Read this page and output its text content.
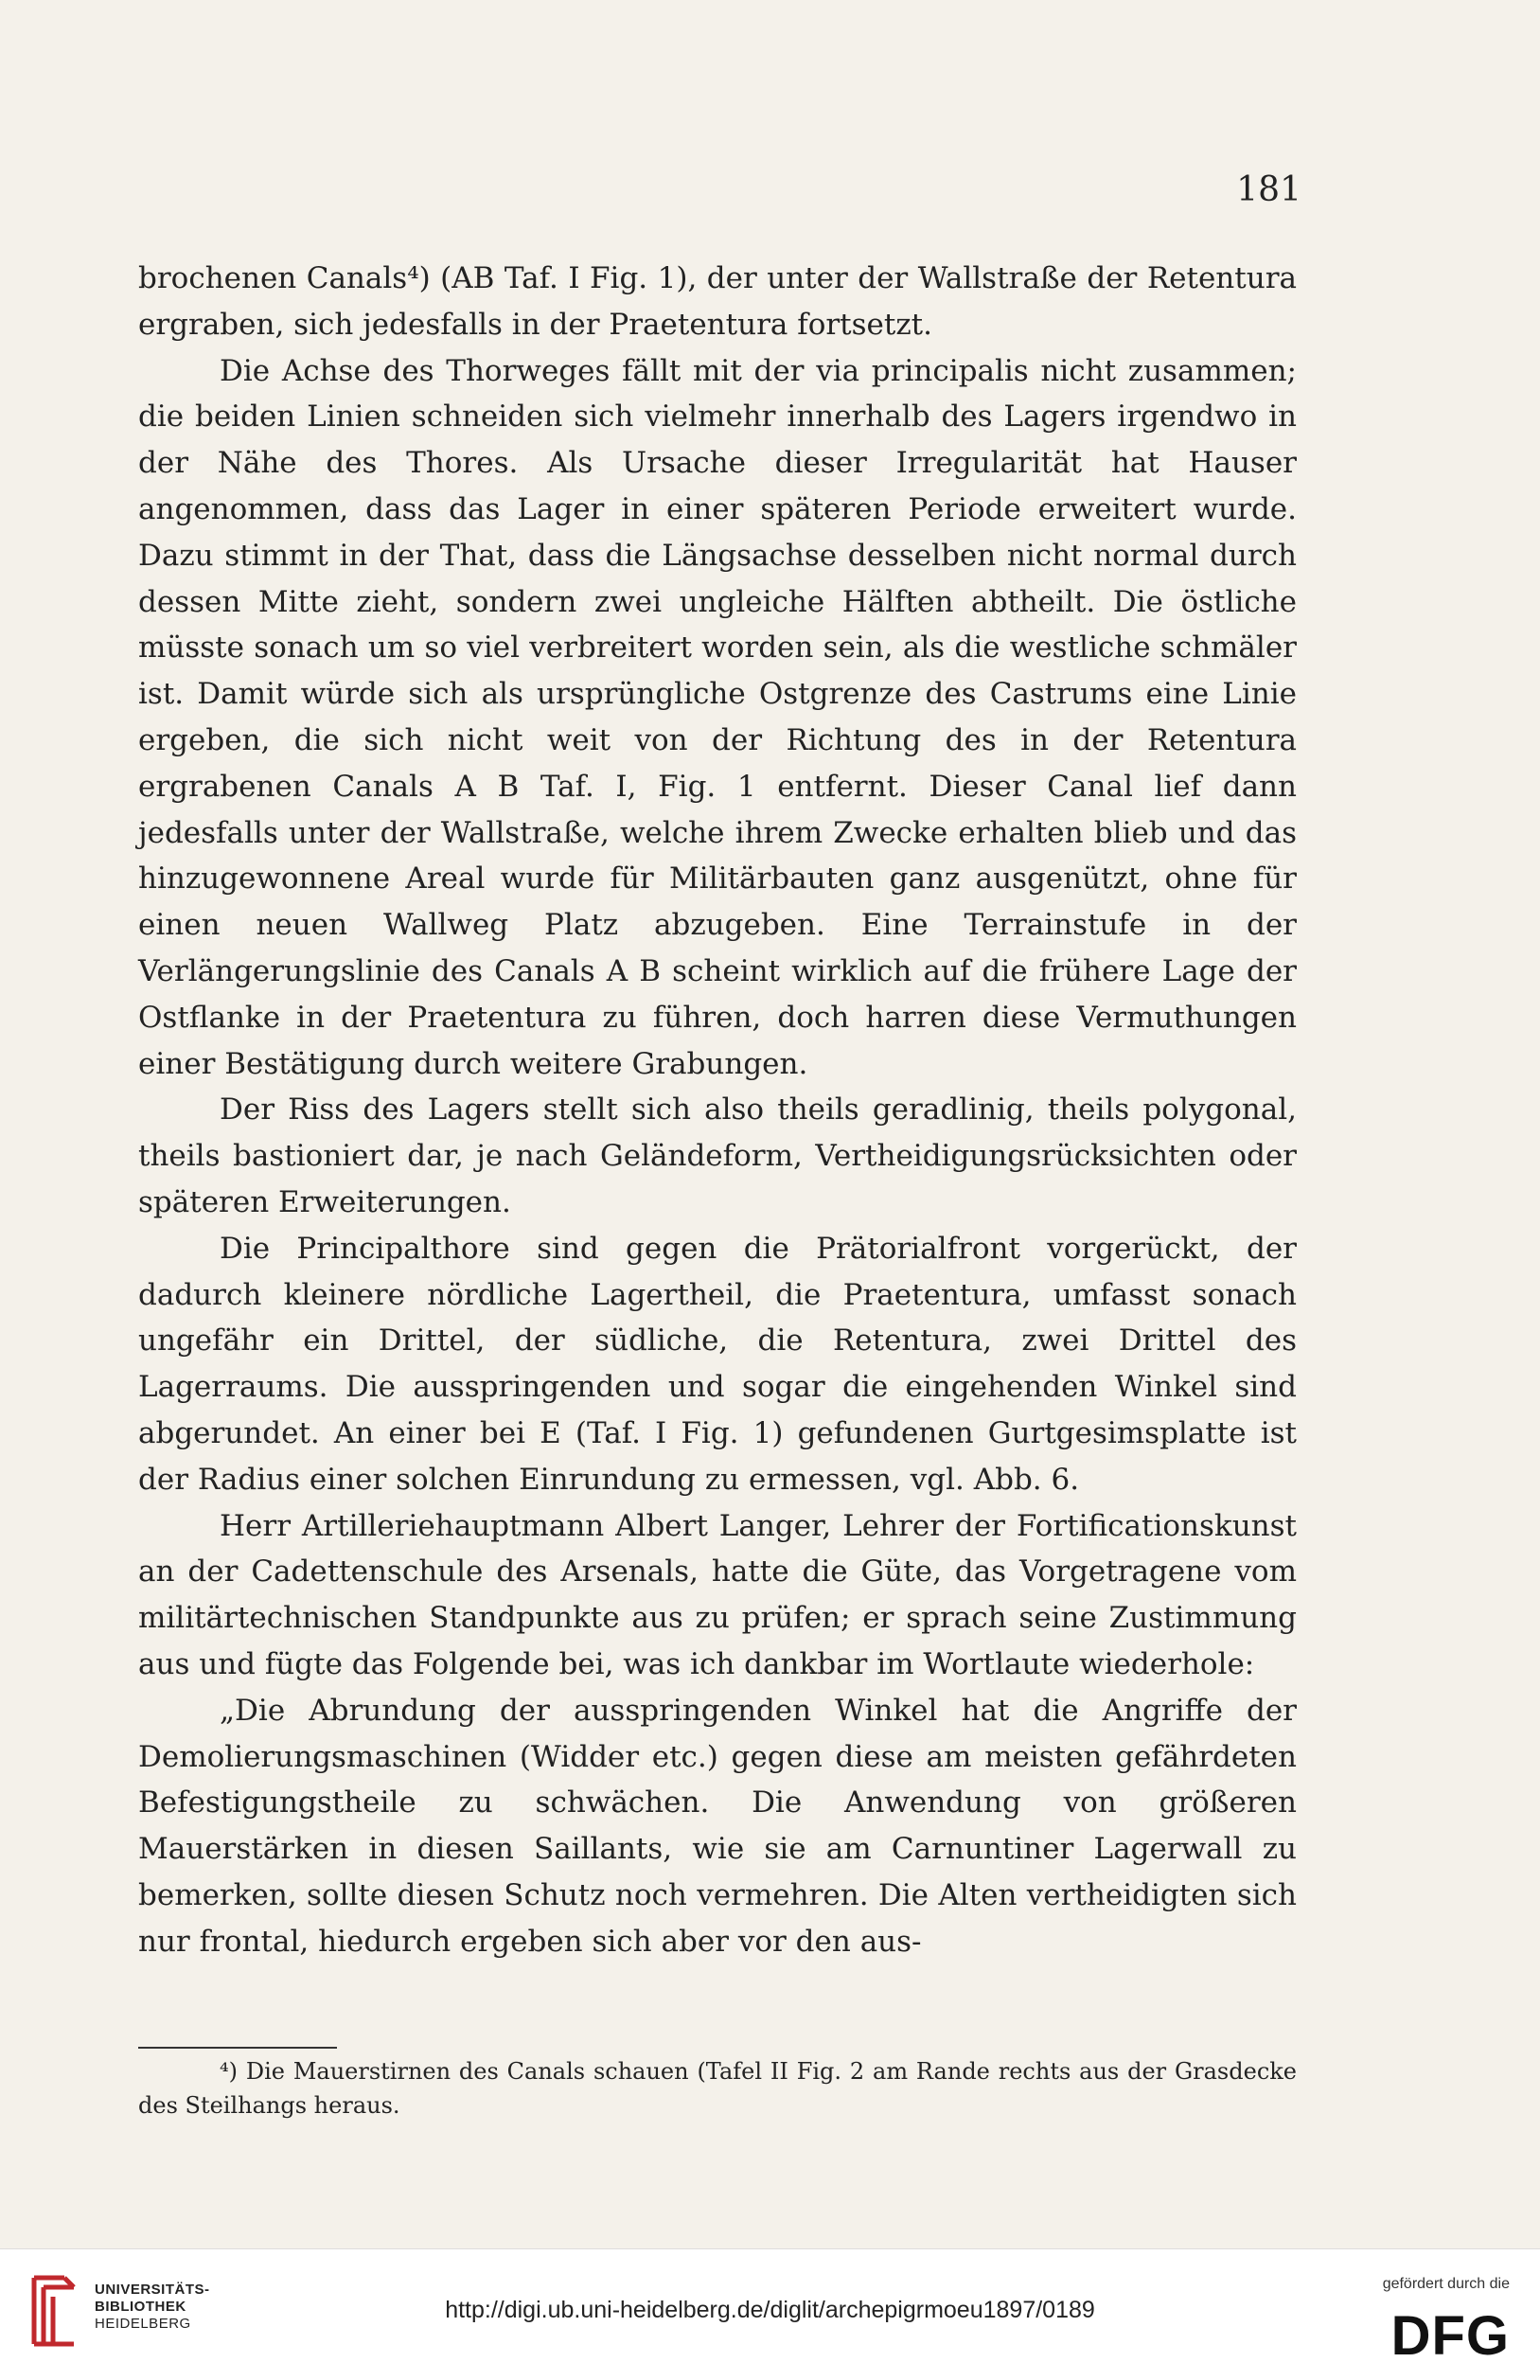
181

brochenen Canals⁴) (AB Taf. I Fig. 1), der unter der Wallstraße der Retentura ergraben, sich jedesfalls in der Praetentura fortsetzt.

Die Achse des Thorweges fällt mit der via principalis nicht zusammen; die beiden Linien schneiden sich vielmehr innerhalb des Lagers irgendwo in der Nähe des Thores. Als Ursache dieser Irregularität hat Hauser angenommen, dass das Lager in einer späteren Periode erweitert wurde. Dazu stimmt in der That, dass die Längsachse desselben nicht normal durch dessen Mitte zieht, sondern zwei ungleiche Hälften abtheilt. Die östliche müsste sonach um so viel verbreitert worden sein, als die westliche schmäler ist. Damit würde sich als ursprüngliche Ostgrenze des Castrums eine Linie ergeben, die sich nicht weit von der Richtung des in der Retentura ergrabenen Canals A B Taf. I, Fig. 1 entfernt. Dieser Canal lief dann jedesfalls unter der Wallstraße, welche ihrem Zwecke erhalten blieb und das hinzugewonnene Areal wurde für Militärbauten ganz ausgenützt, ohne für einen neuen Wallweg Platz abzugeben. Eine Terrainstufe in der Verlängerungslinie des Canals A B scheint wirklich auf die frühere Lage der Ostflanke in der Praetentura zu führen, doch harren diese Vermuthungen einer Bestätigung durch weitere Grabungen.

Der Riss des Lagers stellt sich also theils geradlinig, theils polygonal, theils bastioniert dar, je nach Geländeform, Vertheidigungsrücksichten oder späteren Erweiterungen.

Die Principalthore sind gegen die Prätorialfront vorgerückt, der dadurch kleinere nördliche Lagertheil, die Praetentura, umfasst sonach ungefähr ein Drittel, der südliche, die Retentura, zwei Drittel des Lagerraums. Die ausspringenden und sogar die eingehenden Winkel sind abgerundet. An einer bei E (Taf. I Fig. 1) gefundenen Gurtgesimsplatte ist der Radius einer solchen Einrundung zu ermessen, vgl. Abb. 6.

Herr Artilleriehauptmann Albert Langer, Lehrer der Fortificationskunst an der Cadettenschule des Arsenals, hatte die Güte, das Vorgetragene vom militärtechnischen Standpunkte aus zu prüfen; er sprach seine Zustimmung aus und fügte das Folgende bei, was ich dankbar im Wortlaute wiederhole:

„Die Abrundung der ausspringenden Winkel hat die Angriffe der Demolierungsmaschinen (Widder etc.) gegen diese am meisten gefährdeten Befestigungstheile zu schwächen. Die Anwendung von größeren Mauerstärken in diesen Saillants, wie sie am Carnuntiner Lagerwall zu bemerken, sollte diesen Schutz noch vermehren. Die Alten vertheidigten sich nur frontal, hiedurch ergeben sich aber vor den aus-

⁴) Die Mauerstirnen des Canals schauen (Tafel II Fig. 2 am Rande rechts aus der Grasdecke des Steilhangs heraus.

UNIVERSITÄTS-
BIBLIOTHEK
HEIDELBERG
http://digi.ub.uni-heidelberg.de/diglit/archepigrmoeu1897/0189
gefördert durch die
DFG
